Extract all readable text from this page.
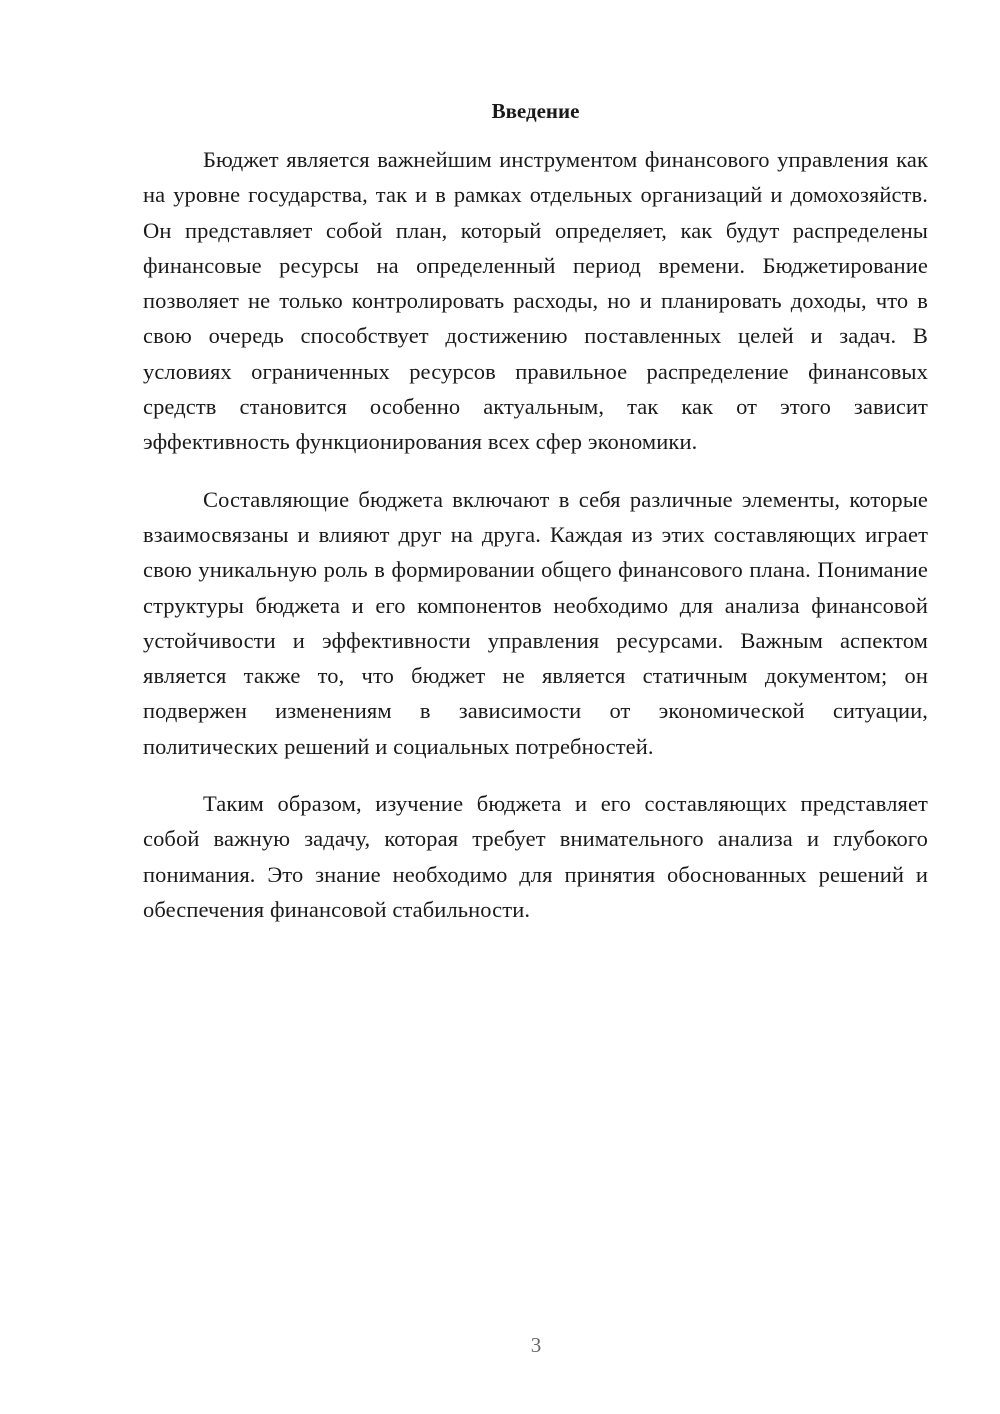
Введение

Бюджет является важнейшим инструментом финансового управления как на уровне государства, так и в рамках отдельных организаций и домохозяйств. Он представляет собой план, который определяет, как будут распределены финансовые ресурсы на определенный период времени. Бюджетирование позволяет не только контролировать расходы, но и планировать доходы, что в свою очередь способствует достижению поставленных целей и задач. В условиях ограниченных ресурсов правильное распределение финансовых средств становится особенно актуальным, так как от этого зависит эффективность функционирования всех сфер экономики.

Составляющие бюджета включают в себя различные элементы, которые взаимосвязаны и влияют друг на друга. Каждая из этих составляющих играет свою уникальную роль в формировании общего финансового плана. Понимание структуры бюджета и его компонентов необходимо для анализа финансовой устойчивости и эффективности управления ресурсами. Важным аспектом является также то, что бюджет не является статичным документом; он подвержен изменениям в зависимости от экономической ситуации, политических решений и социальных потребностей.

Таким образом, изучение бюджета и его составляющих представляет собой важную задачу, которая требует внимательного анализа и глубокого понимания. Это знание необходимо для принятия обоснованных решений и обеспечения финансовой стабильности.

3
